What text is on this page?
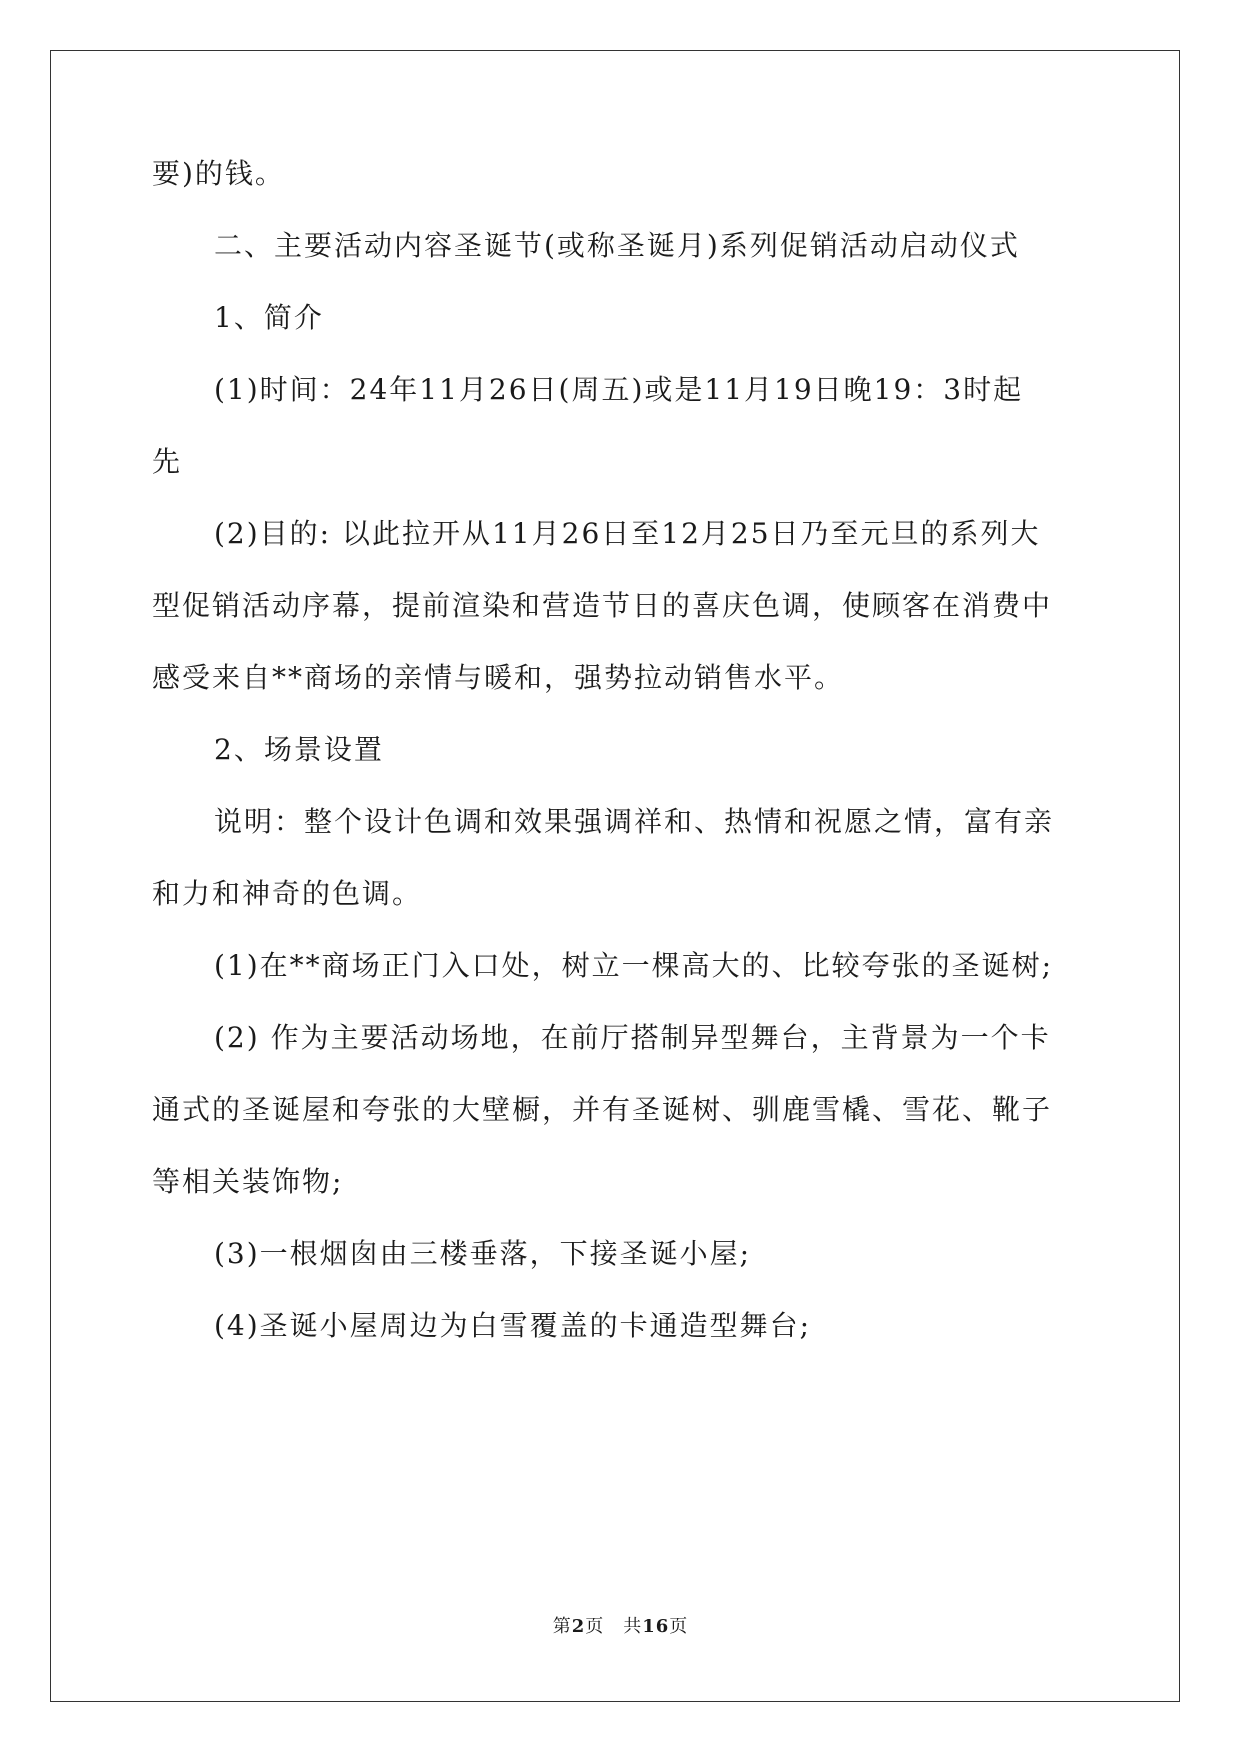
要)的钱。
二、主要活动内容圣诞节(或称圣诞月)系列促销活动启动仪式
1、简介
(1)时间：24年11月26日(周五)或是11月19日晚19：3时起
先
(2)目的: 以此拉开从11月26日至12月25日乃至元旦的系列大
型促销活动序幕，提前渲染和营造节日的喜庆色调，使顾客在消费中
感受来自**商场的亲情与暖和，强势拉动销售水平。
2、场景设置
说明：整个设计色调和效果强调祥和、热情和祝愿之情，富有亲
和力和神奇的色调。
(1)在**商场正门入口处，树立一棵高大的、比较夸张的圣诞树;
(2) 作为主要活动场地，在前厅搭制异型舞台，主背景为一个卡
通式的圣诞屋和夸张的大壁橱，并有圣诞树、驯鹿雪橇、雪花、靴子
等相关装饰物;
(3)一根烟囱由三楼垂落，下接圣诞小屋;
(4)圣诞小屋周边为白雪覆盖的卡通造型舞台;
第2页　共16页
